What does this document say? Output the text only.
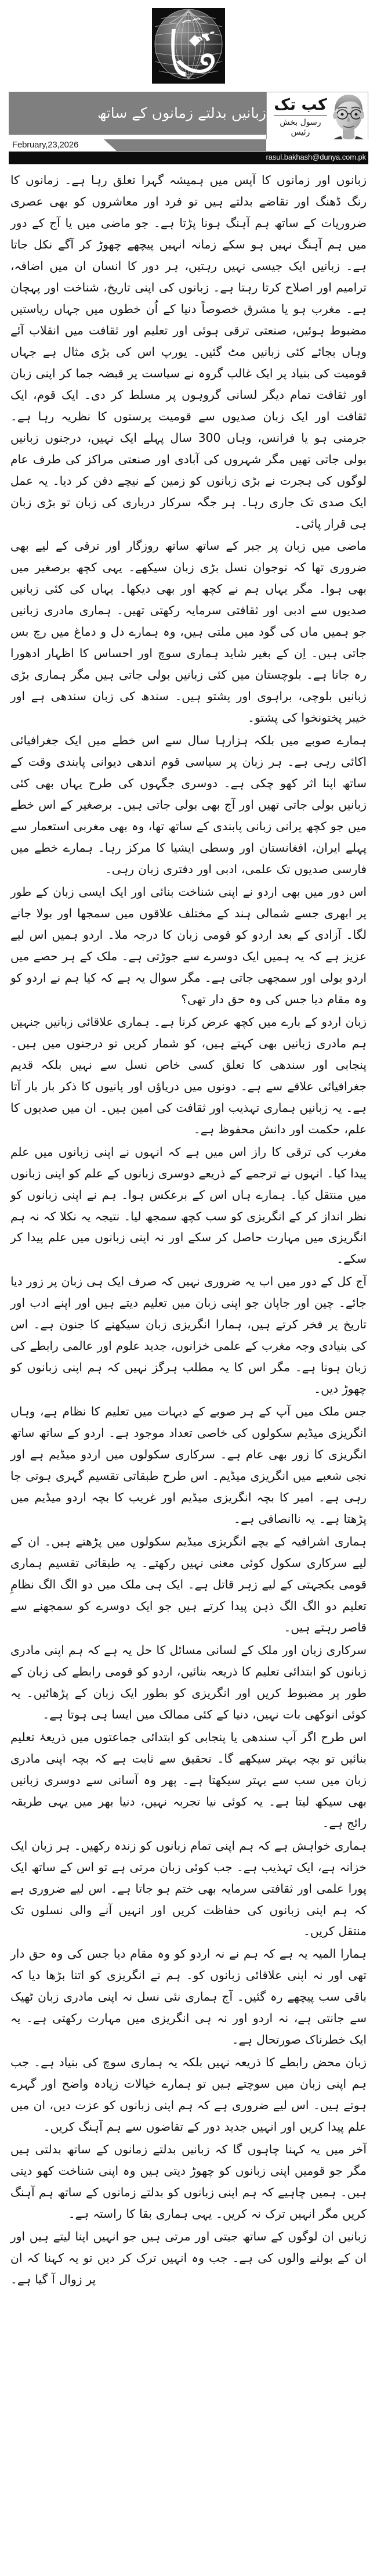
زبانیں بدلتے زمانوں کے ساتھ کب تک
رسول بخش رئیس
February,23,2026
rasul.bakhash@dunya.com.pk

زبانوں اور زمانوں کا آپس میں ہمیشہ گہرا تعلق رہا ہے۔ زمانوں کا رنگ ڈھنگ اور تقاضے بدلتے ہیں تو فرد اور معاشروں کو بھی عصری ضروریات کے ساتھ ہم آہنگ ہونا پڑتا ہے۔ جو ماضی میں یا آج کے دور میں ہم آہنگ نہیں ہو سکے زمانہ انہیں پیچھے چھوڑ کر آگے نکل جاتا ہے۔ زبانیں ایک جیسی نہیں رہتیں، ہر دور کا انسان ان میں اضافہ، ترامیم اور اصلاح کرتا رہتا ہے۔ زبانوں کی اپنی تاریخ، شناخت اور پہچان ہے۔ مغرب ہو یا مشرق خصوصاً دنیا کے اُن خطوں میں جہاں ریاستیں مضبوط ہوئیں، صنعتی ترقی ہوئی اور تعلیم اور ثقافت میں انقلاب آئے وہاں بجائے کئی زبانیں مٹ گئیں۔ یورپ اس کی بڑی مثال ہے جہاں قومیت کی بنیاد پر ایک غالب گروہ نے سیاست پر قبضہ جما کر اپنی زبان اور ثقافت تمام دیگر لسانی گروہوں پر مسلط کر دی۔ ایک قوم، ایک ثقافت اور ایک زبان صدیوں سے قومیت پرستوں کا نظریہ رہا ہے۔ جرمنی ہو یا فرانس، وہاں 300 سال پہلے ایک نہیں، درجنوں زبانیں بولی جاتی تھیں مگر شہروں کی آبادی اور صنعتی مراکز کی طرف عام لوگوں کی ہجرت نے بڑی زبانوں کو زمین کے نیچے دفن کر دیا۔ یہ عمل ایک صدی تک جاری رہا۔ ہر جگہ سرکار درباری کی زبان تو بڑی زبان ہی قرار پائی۔

ماضی میں زبان پر جبر کے ساتھ ساتھ روزگار اور ترقی کے لیے بھی ضروری تھا کہ نوجوان نسل بڑی زبان سیکھے۔ یہی کچھ برصغیر میں بھی ہوا۔ مگر یہاں ہم نے کچھ اور بھی دیکھا۔ یہاں کی کئی زبانیں صدیوں سے ادبی اور ثقافتی سرمایہ رکھتی تھیں۔ ہماری مادری زبانیں جو ہمیں ماں کی گود میں ملتی ہیں، وہ ہمارے دل و دماغ میں رچ بس جاتی ہیں۔ اِن کے بغیر شاید ہماری سوچ اور احساس کا اظہار ادھورا رہ جاتا ہے۔ بلوچستان میں کئی زبانیں بولی جاتی ہیں مگر ہماری بڑی زبانیں بلوچی، براہوی اور پشتو ہیں۔ سندھ کی زبان سندھی ہے اور خیبر پختونخوا کی پشتو۔

ہمارے صوبے میں بلکہ ہزارہا سال سے اس خطے میں ایک جغرافیائی اکائی رہی ہے۔ ہر زبان پر سیاسی قوم اندھی دیوانی پابندی وقت کے ساتھ اپنا اثر کھو چکی ہے۔ دوسری جگہوں کی طرح یہاں بھی کئی زبانیں بولی جاتی تھیں اور آج بھی بولی جاتی ہیں۔ برصغیر کے اس خطے میں جو کچھ پرانی زبانی پابندی کے ساتھ تھا، وہ بھی مغربی استعمار سے پہلے ایران، افغانستان اور وسطی ایشیا کا مرکز رہا۔ ہمارے خطے میں فارسی صدیوں تک علمی، ادبی اور دفتری زبان رہی۔

اس دور میں بھی اردو نے اپنی شناخت بنائی اور ایک ایسی زبان کے طور پر ابھری جسے شمالی ہند کے مختلف علاقوں میں سمجھا اور بولا جانے لگا۔ آزادی کے بعد اردو کو قومی زبان کا درجہ ملا۔ اردو ہمیں اس لیے عزیز ہے کہ یہ ہمیں ایک دوسرے سے جوڑتی ہے۔ ملک کے ہر حصے میں اردو بولی اور سمجھی جاتی ہے۔ مگر سوال یہ ہے کہ کیا ہم نے اردو کو وہ مقام دیا جس کی وہ حق دار تھی؟

زبان اردو کے بارے میں کچھ عرض کرنا ہے۔ ہماری علاقائی زبانیں جنہیں ہم مادری زبانیں بھی کہتے ہیں، کو شمار کریں تو درجنوں میں ہیں۔ پنجابی اور سندھی کا تعلق کسی خاص نسل سے نہیں بلکہ قدیم جغرافیائی علاقے سے ہے۔ دونوں میں دریاؤں اور پانیوں کا ذکر بار بار آتا ہے۔ یہ زبانیں ہماری تہذیب اور ثقافت کی امین ہیں۔ ان میں صدیوں کا علم، حکمت اور دانش محفوظ ہے۔

مغرب کی ترقی کا راز اس میں ہے کہ انہوں نے اپنی زبانوں میں علم پیدا کیا۔ انہوں نے ترجمے کے ذریعے دوسری زبانوں کے علم کو اپنی زبانوں میں منتقل کیا۔ ہمارے ہاں اس کے برعکس ہوا۔ ہم نے اپنی زبانوں کو نظر انداز کر کے انگریزی کو سب کچھ سمجھ لیا۔ نتیجہ یہ نکلا کہ نہ ہم انگریزی میں مہارت حاصل کر سکے اور نہ اپنی زبانوں میں علم پیدا کر سکے۔

آج کل کے دور میں اب یہ ضروری نہیں کہ صرف ایک ہی زبان پر زور دیا جائے۔ چین اور جاپان جو اپنی زبان میں تعلیم دیتے ہیں اور اپنے ادب اور تاریخ پر فخر کرتے ہیں، ہمارا انگریزی زبان سیکھنے کا جنون ہے۔ اس کی بنیادی وجہ مغرب کے علمی خزانوں، جدید علوم اور عالمی رابطے کی زبان ہونا ہے۔ مگر اس کا یہ مطلب ہرگز نہیں کہ ہم اپنی زبانوں کو چھوڑ دیں۔

جس ملک میں آپ کے ہر صوبے کے دیہات میں تعلیم کا نظام ہے، وہاں انگریزی میڈیم سکولوں کی خاصی تعداد موجود ہے۔ اردو کے ساتھ ساتھ انگریزی کا زور بھی عام ہے۔ سرکاری سکولوں میں اردو میڈیم ہے اور نجی شعبے میں انگریزی میڈیم۔ اس طرح طبقاتی تقسیم گہری ہوتی جا رہی ہے۔ امیر کا بچہ انگریزی میڈیم اور غریب کا بچہ اردو میڈیم میں پڑھتا ہے۔ یہ ناانصافی ہے۔

ہماری اشرافیہ کے بچے انگریزی میڈیم سکولوں میں پڑھتے ہیں۔ ان کے لیے سرکاری سکول کوئی معنی نہیں رکھتے۔ یہ طبقاتی تقسیم ہماری قومی یکجہتی کے لیے زہر قاتل ہے۔ ایک ہی ملک میں دو الگ الگ نظامِ تعلیم دو الگ الگ ذہن پیدا کرتے ہیں جو ایک دوسرے کو سمجھنے سے قاصر رہتے ہیں۔

سرکاری زبان اور ملک کے لسانی مسائل کا حل یہ ہے کہ ہم اپنی مادری زبانوں کو ابتدائی تعلیم کا ذریعہ بنائیں، اردو کو قومی رابطے کی زبان کے طور پر مضبوط کریں اور انگریزی کو بطور ایک زبان کے پڑھائیں۔ یہ کوئی انوکھی بات نہیں، دنیا کے کئی ممالک میں ایسا ہی ہوتا ہے۔

اس طرح اگر آپ سندھی یا پنجابی کو ابتدائی جماعتوں میں ذریعۂ تعلیم بنائیں تو بچہ بہتر سیکھے گا۔ تحقیق سے ثابت ہے کہ بچہ اپنی مادری زبان میں سب سے بہتر سیکھتا ہے۔ پھر وہ آسانی سے دوسری زبانیں بھی سیکھ لیتا ہے۔ یہ کوئی نیا تجربہ نہیں، دنیا بھر میں یہی طریقہ رائج ہے۔

ہماری خواہش ہے کہ ہم اپنی تمام زبانوں کو زندہ رکھیں۔ ہر زبان ایک خزانہ ہے، ایک تہذیب ہے۔ جب کوئی زبان مرتی ہے تو اس کے ساتھ ایک پورا علمی اور ثقافتی سرمایہ بھی ختم ہو جاتا ہے۔ اس لیے ضروری ہے کہ ہم اپنی زبانوں کی حفاظت کریں اور انہیں آنے والی نسلوں تک منتقل کریں۔

ہمارا المیہ یہ ہے کہ ہم نے نہ اردو کو وہ مقام دیا جس کی وہ حق دار تھی اور نہ اپنی علاقائی زبانوں کو۔ ہم نے انگریزی کو اتنا بڑھا دیا کہ باقی سب پیچھے رہ گئیں۔ آج ہماری نئی نسل نہ اپنی مادری زبان ٹھیک سے جانتی ہے، نہ اردو اور نہ ہی انگریزی میں مہارت رکھتی ہے۔ یہ ایک خطرناک صورتحال ہے۔

زبان محض رابطے کا ذریعہ نہیں بلکہ یہ ہماری سوچ کی بنیاد ہے۔ جب ہم اپنی زبان میں سوچتے ہیں تو ہمارے خیالات زیادہ واضح اور گہرے ہوتے ہیں۔ اس لیے ضروری ہے کہ ہم اپنی زبانوں کو عزت دیں، ان میں علم پیدا کریں اور انہیں جدید دور کے تقاضوں سے ہم آہنگ کریں۔

آخر میں یہ کہنا چاہوں گا کہ زبانیں بدلتے زمانوں کے ساتھ بدلتی ہیں مگر جو قومیں اپنی زبانوں کو چھوڑ دیتی ہیں وہ اپنی شناخت کھو دیتی ہیں۔ ہمیں چاہیے کہ ہم اپنی زبانوں کو بدلتے زمانوں کے ساتھ ہم آہنگ کریں مگر انہیں ترک نہ کریں۔ یہی ہماری بقا کا راستہ ہے۔

زبانیں ان لوگوں کے ساتھ جیتی اور مرتی ہیں جو انہیں اپنا لیتے ہیں اور ان کے بولنے والوں کی ہے۔ جب وہ انہیں ترک کر دیں تو یہ کہنا کہ ان پر زوال آ گیا ہے۔
